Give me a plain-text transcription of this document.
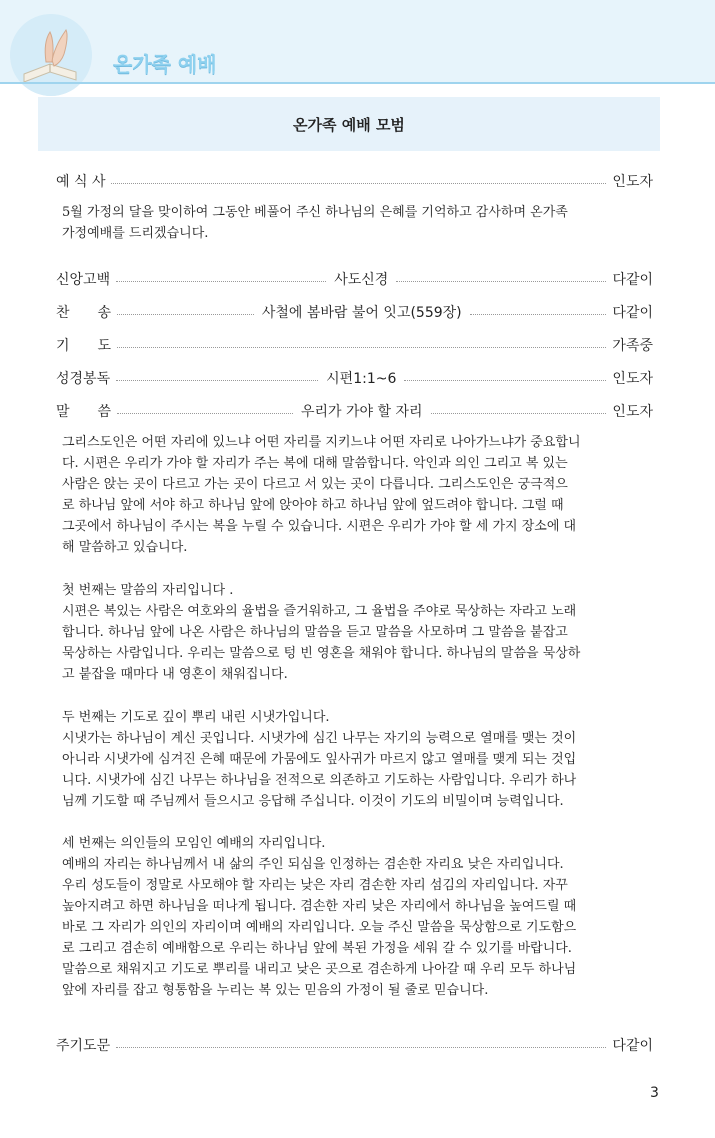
온가족 예배
온가족 예배 모범
예 식 사	인도자
5월 가정의 달을 맞이하여 그동안 베풀어 주신 하나님의 은혜를 기억하고 감사하며 온가족
가정예배를 드리겠습니다.
신앙고백	사도신경	다같이
찬　　송	사철에 봄바람 불어 잇고(559장)	다같이
기　　도	가족중
성경봉독	시편1:1~6	인도자
말　　씀	우리가 가야 할 자리	인도자
그리스도인은 어떤 자리에 있느냐 어떤 자리를 지키느냐 어떤 자리로 나아가느냐가 중요합니
다. 시편은 우리가 가야 할 자리가 주는 복에 대해 말씀합니다. 악인과 의인 그리고 복 있는
사람은 앉는 곳이 다르고 가는 곳이 다르고 서 있는 곳이 다릅니다. 그리스도인은 궁극적으
로 하나님 앞에 서야 하고 하나님 앞에 앉아야 하고 하나님 앞에 엎드려야 합니다. 그럴 때
그곳에서 하나님이 주시는 복을 누릴 수 있습니다. 시편은 우리가 가야 할 세 가지 장소에 대
해 말씀하고 있습니다.
첫 번째는 말씀의 자리입니다 .
시편은 복있는 사람은 여호와의 율법을 즐거워하고, 그 율법을 주야로 묵상하는 자라고 노래
합니다. 하나님 앞에 나온 사람은 하나님의 말씀을 듣고 말씀을 사모하며 그 말씀을 붙잡고
묵상하는 사람입니다. 우리는 말씀으로 텅 빈 영혼을 채워야 합니다. 하나님의 말씀을 묵상하
고 붙잡을 때마다 내 영혼이 채워집니다.
두 번째는 기도로 깊이 뿌리 내린 시냇가입니다.
시냇가는 하나님이 계신 곳입니다. 시냇가에 심긴 나무는 자기의 능력으로 열매를 맺는 것이
아니라 시냇가에 심겨진 은혜 때문에 가뭄에도 잎사귀가 마르지 않고 열매를 맺게 되는 것입
니다. 시냇가에 심긴 나무는 하나님을 전적으로 의존하고 기도하는 사람입니다. 우리가 하나
님께 기도할 때 주님께서 들으시고 응답해 주십니다. 이것이 기도의 비밀이며 능력입니다.
세 번째는 의인들의 모임인 예배의 자리입니다.
예배의 자리는 하나님께서 내 삶의 주인 되심을 인정하는 겸손한 자리요 낮은 자리입니다.
우리 성도들이 정말로 사모해야 할 자리는 낮은 자리 겸손한 자리 섬김의 자리입니다. 자꾸
높아지려고 하면 하나님을 떠나게 됩니다. 겸손한 자리 낮은 자리에서 하나님을 높여드릴 때
바로 그 자리가 의인의 자리이며 예배의 자리입니다. 오늘 주신 말씀을 묵상함으로 기도함으
로 그리고 겸손히 예배함으로 우리는 하나님 앞에 복된 가정을 세워 갈 수 있기를 바랍니다.
말씀으로 채워지고 기도로 뿌리를 내리고 낮은 곳으로 겸손하게 나아갈 때 우리 모두 하나님
앞에 자리를 잡고 형통함을 누리는 복 있는 믿음의 가정이 될 줄로 믿습니다.
주기도문	다같이
3
